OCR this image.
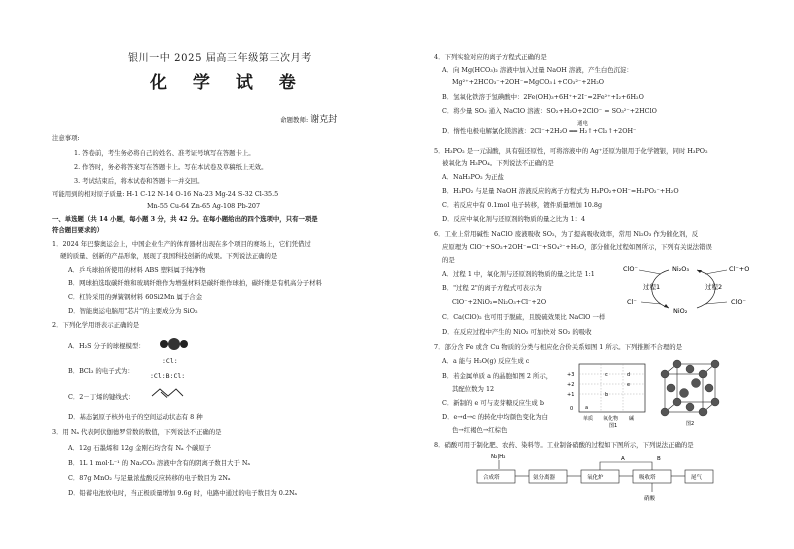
银川一中 2025 届高三年级第三次月考
化 学 试 卷
命题教师: 谢克封
注意事项:
1. 答卷前，考生务必将自己的姓名、准考证号填写在答题卡上。
2. 作答时，务必将答案写在答题卡上。写在本试卷及草稿纸上无效。
3. 考试结束后，将本试卷和答题卡一并交回。
可能用到的相对原子质量: H-1 C-12 N-14 O-16 Na-23 Mg-24 S-32 Cl-35.5
Mn-55 Cu-64 Zn-65 Ag-108 Pb-207
一、单选题（共 14 小题，每小题 3 分，共 42 分。在每小题给出的四个选项中，只有一项是
符合题目要求的）
1．2024 年巴黎奥运会上，中国企业生产的体育器材出现在多个项目的赛场上，它们凭借过
硬的质量、创新的产品形象，展现了我国科技创新的成果。下列说法正确的是
A．乒乓球拍所使用的材料 ABS 塑料属于纯净物
B．网球拍选取碳纤维和玻璃纤维作为增强材料是碳纤维作球拍，碳纤维是有机高分子材料
C．杠铃采用的弹簧钢材料 60Si2Mn 属于合金
D．智能奥运电脑用"芯片"的主要成分为 SiO₂
2．下列化学用语表示正确的是
A．H₂S 分子的球棍模型：
B．BCl₃ 的电子式为：
:Cl:
:Cl:B:Cl:
C．2－丁烯的键线式：
D．基态氯原子核外电子的空间运动状态有 8 种
3．用 Nₐ 代表阿伏伽德罗常数的数值，下列说法不正确的是
A．12g 石墨烯和 12g 金刚石均含有 Nₐ 个碳原子
B．1L 1 mol·L⁻¹ 的 Na₂CO₃ 溶液中含有的阴离子数目大于 Nₐ
C．87g MnO₂ 与足量浓盐酸反应转移的电子数目为 2Nₐ
D．铅蓄电池放电时，当正极质量增加 9.6g 时，电路中通过的电子数目为 0.2Nₐ
4．下列实验对应的离子方程式正确的是
A．向 Mg(HCO₃)₂ 溶液中加入过量 NaOH 溶液，产生白色沉淀：
Mg²⁺+2HCO₃⁻+2OH⁻=MgCO₃↓+CO₃²⁻+2H₂O
B．氢氧化铁溶于氢碘酸中：2Fe(OH)₃+6H⁺+2I⁻=2Fe²⁺+I₂+6H₂O
C．将少量 SO₂ 通入 NaClO 溶液：SO₂+H₂O+2ClO⁻ = SO₃²⁻+2HClO
通电
D．惰性电极电解氯化镁溶液：2Cl⁻+2H₂O ══ H₂↑+Cl₂↑+2OH⁻
5．H₃PO₂ 是一元弱酸，具有强还原性，可将溶液中的 Ag⁺还原为银用于化学镀银，同时 H₃PO₂
被氧化为 H₃PO₄。下列说法不正确的是
A．NaH₂PO₂ 为正盐
B．H₃PO₂ 与足量 NaOH 溶液反应的离子方程式为 H₃PO₂+OH⁻=H₂PO₂⁻+H₂O
C．若反应中有 0.1mol 电子转移，镀件质量增加 10.8g
D．反应中氧化剂与还原剂的物质的量之比为 1：4
6．工业上常用碱性 NaClO 废液吸收 SO₂，为了提高吸收效率，常用 Ni₂O₃ 作为催化剂，反
应原理为 ClO⁻+SO₂+2OH⁻=Cl⁻+SO₄²⁻+H₂O，部分催化过程如图所示，下列有关说法错误
的是
A．过程 1 中，氧化剂与还原剂的物质的量之比是 1:1
B．"过程 2"的离子方程式可表示为
ClO⁻+2NiO₂=Ni₂O₃+Cl⁻+2O
C．Ca(ClO)₂ 也可用于脱硫，且脱硫效果比 NaClO 一样
D．在反应过程中产生的 NiO₂ 可加快对 SO₂ 的吸收
ClO⁻
Cl⁻
Ni₂O₃
NiO₂
Cl⁻+O
ClO⁻
过程1	过程2
7．部分含 Fe 或含 Cu 物质的分类与相应化合价关系如图 1 所示。下列推断不合理的是
A．a 能与 H₂O(g) 反应生成 c
B．若金属单质 a 的晶胞如图 2 所示，
其配位数为 12
C．新制的 e 可与麦芽糖反应生成 b
D．e→d→c 的转化中均颜色变化为白
色→红褐色→红棕色
+3
+2
+1
0
单质 氧化物 碱
a
b
c	d
e
图1	图2
8．硝酸可用于制化肥、农药、染料等。工业制备硝酸的过程如下图所示，下列说法正确的是
N₂|H₂
合成塔	氨分离器	氧化炉	吸收塔	尾气
A	B
硝酸
